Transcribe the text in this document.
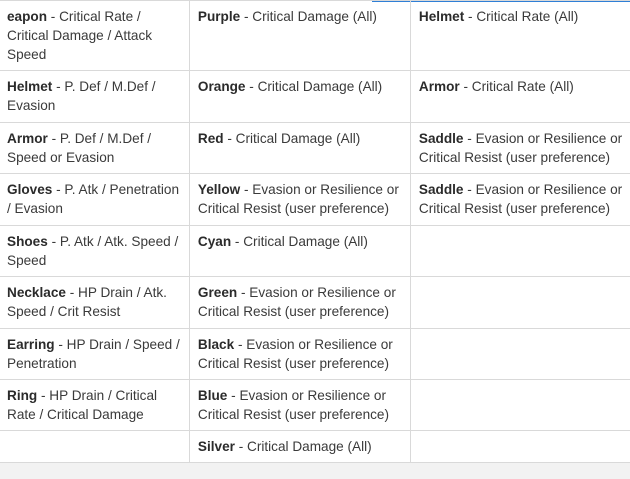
eapon - Critical Rate / Critical Damage / Attack Speed	Purple - Critical Damage (All)	Helmet - Critical Rate (All)
Helmet - P. Def / M.Def / Evasion	Orange - Critical Damage (All)	Armor - Critical Rate (All)
Armor - P. Def / M.Def / Speed or Evasion	Red - Critical Damage (All)	Saddle - Evasion or Resilience or Critical Resist (user preference)
Gloves - P. Atk / Penetration / Evasion	Yellow - Evasion or Resilience or Critical Resist (user preference)	Saddle - Evasion or Resilience or Critical Resist (user preference)
Shoes - P. Atk / Atk. Speed / Speed	Cyan - Critical Damage (All)	
Necklace - HP Drain / Atk. Speed / Crit Resist	Green - Evasion or Resilience or Critical Resist (user preference)	
Earring - HP Drain / Speed / Penetration	Black - Evasion or Resilience or Critical Resist (user preference)	
Ring - HP Drain / Critical Rate / Critical Damage	Blue - Evasion or Resilience or Critical Resist (user preference)	
	Silver - Critical Damage (All)	
